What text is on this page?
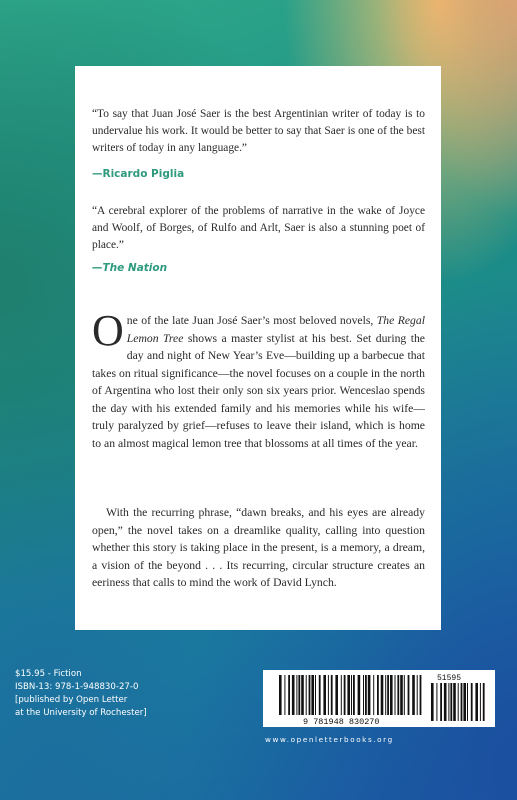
“To say that Juan José Saer is the best Argentinian writer of today is to undervalue his work. It would be better to say that Saer is one of the best writers of today in any language.”

—Ricardo Piglia

“A cerebral explorer of the problems of narrative in the wake of Joyce and Woolf, of Borges, of Rulfo and Arlt, Saer is also a stunning poet of place.”

—The Nation

One of the late Juan José Saer’s most beloved novels, The Regal Lemon Tree shows a master stylist at his best. Set during the day and night of New Year’s Eve—building up a barbecue that takes on ritual significance—the novel focuses on a couple in the north of Argentina who lost their only son six years prior. Wenceslao spends the day with his extended family and his memories while his wife—truly paralyzed by grief—refuses to leave their island, which is home to an almost magical lemon tree that blossoms at all times of the year.

With the recurring phrase, “dawn breaks, and his eyes are already open,” the novel takes on a dreamlike quality, calling into question whether this story is taking place in the present, is a memory, a dream, a vision of the beyond . . . Its recurring, circular structure creates an eeriness that calls to mind the work of David Lynch.

$15.95 - Fiction
ISBN-13: 978-1-948830-27-0
[published by Open Letter
at the University of Rochester]
9 781948 830270
51595
www.openletterbooks.org
